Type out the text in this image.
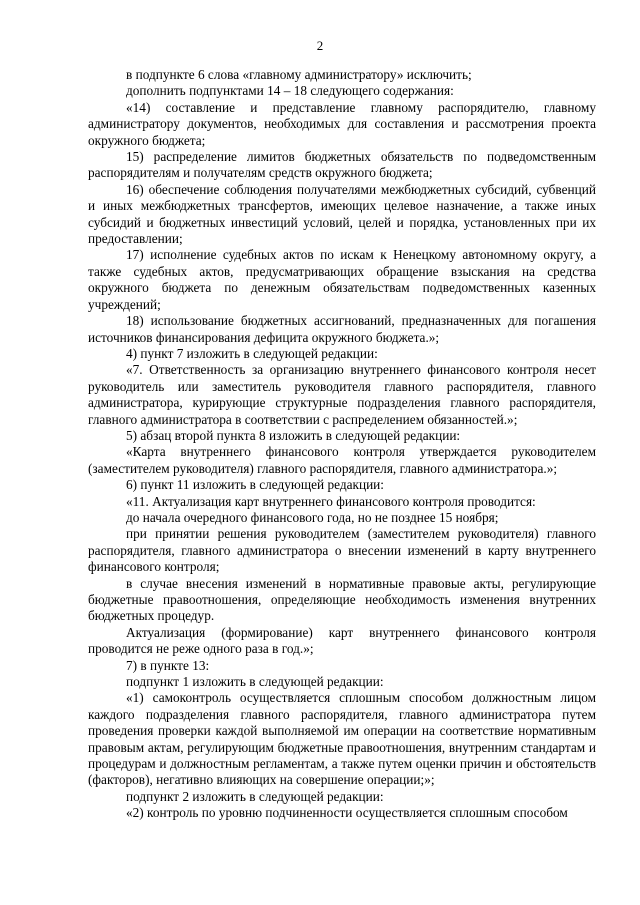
2

в подпункте 6 слова «главному администратору» исключить;

дополнить подпунктами 14 – 18 следующего содержания:

«14) составление и представление главному распорядителю, главному администратору документов, необходимых для составления и рассмотрения проекта окружного бюджета;

15) распределение лимитов бюджетных обязательств по подведомственным распорядителям и получателям средств окружного бюджета;

16) обеспечение соблюдения получателями межбюджетных субсидий, субвенций и иных межбюджетных трансфертов, имеющих целевое назначение, а также иных субсидий и бюджетных инвестиций условий, целей и порядка, установленных при их предоставлении;

17) исполнение судебных актов по искам к Ненецкому автономному округу, а также судебных актов, предусматривающих обращение взыскания на средства окружного бюджета по денежным обязательствам подведомственных казенных учреждений;

18) использование бюджетных ассигнований, предназначенных для погашения источников финансирования дефицита окружного бюджета.»;

4) пункт 7 изложить в следующей редакции:

«7. Ответственность за организацию внутреннего финансового контроля несет руководитель или заместитель руководителя главного распорядителя, главного администратора, курирующие структурные подразделения главного распорядителя, главного администратора в соответствии с распределением обязанностей.»;

5) абзац второй пункта 8 изложить в следующей редакции:

«Карта внутреннего финансового контроля утверждается руководителем (заместителем руководителя) главного распорядителя, главного администратора.»;

6) пункт 11 изложить в следующей редакции:

«11. Актуализация карт внутреннего финансового контроля проводится:

до начала очередного финансового года, но не позднее 15 ноября;

при принятии решения руководителем (заместителем руководителя) главного распорядителя, главного администратора о внесении изменений в карту внутреннего финансового контроля;

в случае внесения изменений в нормативные правовые акты, регулирующие бюджетные правоотношения, определяющие необходимость изменения внутренних бюджетных процедур.

Актуализация (формирование) карт внутреннего финансового контроля проводится не реже одного раза в год.»;

7) в пункте 13:

подпункт 1 изложить в следующей редакции:

«1) самоконтроль осуществляется сплошным способом должностным лицом каждого подразделения главного распорядителя, главного администратора путем проведения проверки каждой выполняемой им операции на соответствие нормативным правовым актам, регулирующим бюджетные правоотношения, внутренним стандартам и процедурам и должностным регламентам, а также путем оценки причин и обстоятельств (факторов), негативно влияющих на совершение операции;»;

подпункт 2 изложить в следующей редакции:

«2) контроль по уровню подчиненности осуществляется сплошным способом
